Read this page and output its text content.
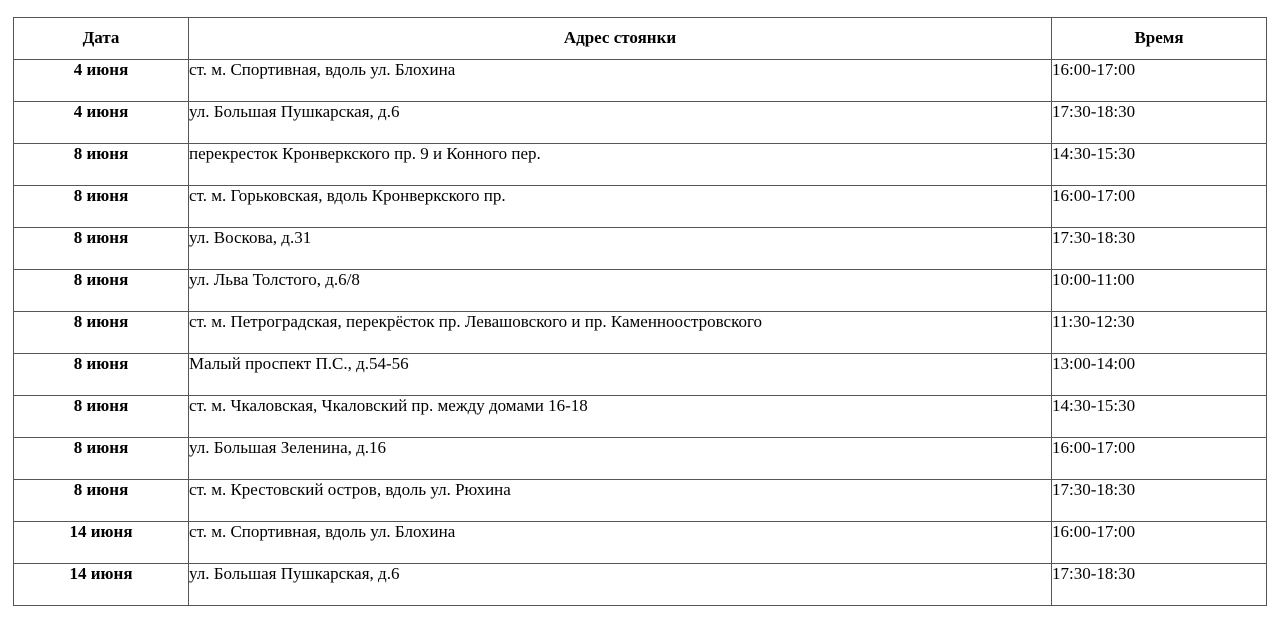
Дата	Адрес стоянки	Время
4 июня	ст. м. Спортивная, вдоль ул. Блохина	16:00-17:00
4 июня	ул. Большая Пушкарская, д.6	17:30-18:30
8 июня	перекресток Кронверкского пр. 9 и Конного пер.	14:30-15:30
8 июня	ст. м. Горьковская, вдоль Кронверкского пр.	16:00-17:00
8 июня	ул. Воскова, д.31	17:30-18:30
8 июня	ул. Льва Толстого, д.6/8	10:00-11:00
8 июня	ст. м. Петроградская, перекрёсток пр. Левашовского и пр. Каменноостровского	11:30-12:30
8 июня	Малый проспект П.С., д.54-56	13:00-14:00
8 июня	ст. м. Чкаловская, Чкаловский пр. между домами 16-18	14:30-15:30
8 июня	ул. Большая Зеленина, д.16	16:00-17:00
8 июня	ст. м. Крестовский остров, вдоль ул. Рюхина	17:30-18:30
14 июня	ст. м. Спортивная, вдоль ул. Блохина	16:00-17:00
14 июня	ул. Большая Пушкарская, д.6	17:30-18:30
